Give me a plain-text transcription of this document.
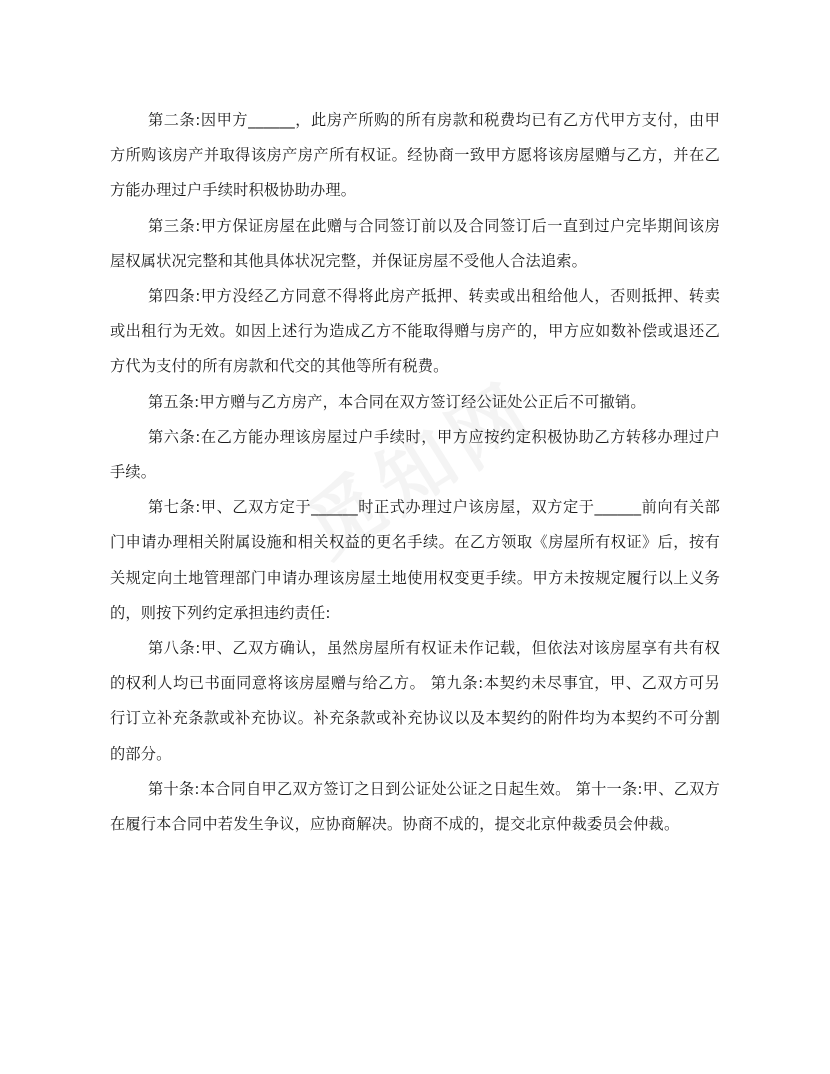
第二条:因甲方______，此房产所购的所有房款和税费均已有乙方代甲方支付，由甲方所购该房产并取得该房产房产所有权证。经协商一致甲方愿将该房屋赠与乙方，并在乙方能办理过户手续时积极协助办理。

第三条:甲方保证房屋在此赠与合同签订前以及合同签订后一直到过户完毕期间该房屋权属状况完整和其他具体状况完整，并保证房屋不受他人合法追索。

第四条:甲方没经乙方同意不得将此房产抵押、转卖或出租给他人，否则抵押、转卖或出租行为无效。如因上述行为造成乙方不能取得赠与房产的，甲方应如数补偿或退还乙方代为支付的所有房款和代交的其他等所有税费。

第五条:甲方赠与乙方房产，本合同在双方签订经公证处公正后不可撤销。

第六条:在乙方能办理该房屋过户手续时，甲方应按约定积极协助乙方转移办理过户手续。

第七条:甲、乙双方定于______时正式办理过户该房屋，双方定于______前向有关部门申请办理相关附属设施和相关权益的更名手续。在乙方领取《房屋所有权证》后，按有关规定向土地管理部门申请办理该房屋土地使用权变更手续。甲方未按规定履行以上义务的，则按下列约定承担违约责任:

第八条:甲、乙双方确认，虽然房屋所有权证未作记载，但依法对该房屋享有共有权的权利人均已书面同意将该房屋赠与给乙方。 第九条:本契约未尽事宜，甲、乙双方可另行订立补充条款或补充协议。补充条款或补充协议以及本契约的附件均为本契约不可分割的部分。

第十条:本合同自甲乙双方签订之日到公证处公证之日起生效。 第十一条:甲、乙双方在履行本合同中若发生争议，应协商解决。协商不成的，提交北京仲裁委员会仲裁。
